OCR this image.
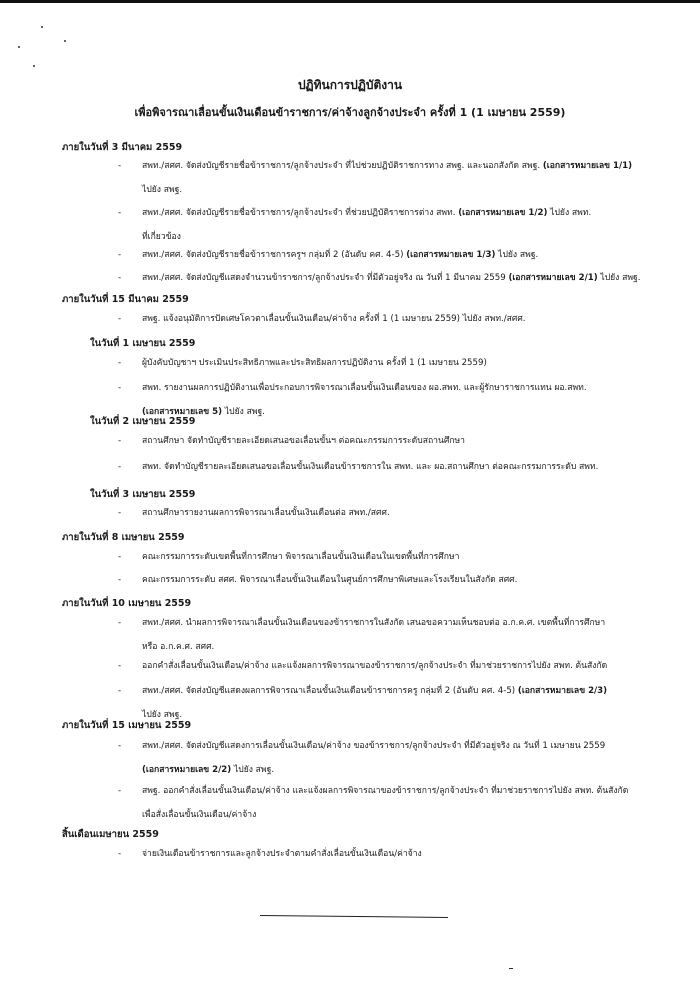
ปฏิทินการปฏิบัติงาน
เพื่อพิจารณาเลื่อนขั้นเงินเดือนข้าราชการ/ค่าจ้างลูกจ้างประจำ ครั้งที่ 1 (1 เมษายน 2559)
ภายในวันที่ 3 มีนาคม 2559
- สพท./สศศ. จัดส่งบัญชีรายชื่อข้าราชการ/ลูกจ้างประจำ ที่ไปช่วยปฏิบัติราชการทาง สพฐ. และนอกสังกัด สพฐ. (เอกสารหมายเลข 1/1)
ไปยัง สพฐ.
- สพท./สศศ. จัดส่งบัญชีรายชื่อข้าราชการ/ลูกจ้างประจำ ที่ช่วยปฏิบัติราชการต่าง สพท. (เอกสารหมายเลข 1/2) ไปยัง สพท.
ที่เกี่ยวข้อง
- สพท./สศศ. จัดส่งบัญชีรายชื่อข้าราชการครูฯ กลุ่มที่ 2 (อันดับ คศ. 4-5) (เอกสารหมายเลข 1/3) ไปยัง สพฐ.
- สพท./สศศ. จัดส่งบัญชีแสดงจำนวนข้าราชการ/ลูกจ้างประจำ ที่มีตัวอยู่จริง ณ วันที่ 1 มีนาคม 2559 (เอกสารหมายเลข 2/1) ไปยัง สพฐ.
ภายในวันที่ 15 มีนาคม 2559
- สพฐ. แจ้งอนุมัติการปัดเศษโควตาเลื่อนขั้นเงินเดือน/ค่าจ้าง ครั้งที่ 1 (1 เมษายน 2559) ไปยัง สพท./สศศ.
ในวันที่ 1 เมษายน 2559
- ผู้บังคับบัญชาฯ ประเมินประสิทธิภาพและประสิทธิผลการปฏิบัติงาน ครั้งที่ 1 (1 เมษายน 2559)
- สพท. รายงานผลการปฏิบัติงานเพื่อประกอบการพิจารณาเลื่อนขั้นเงินเดือนของ ผอ.สพท. และผู้รักษาราชการแทน ผอ.สพท.
(เอกสารหมายเลข 5) ไปยัง สพฐ.
ในวันที่ 2 เมษายน 2559
- สถานศึกษา จัดทำบัญชีรายละเอียดเสนอขอเลื่อนขั้นฯ ต่อคณะกรรมการระดับสถานศึกษา
- สพท. จัดทำบัญชีรายละเอียดเสนอขอเลื่อนขั้นเงินเดือนข้าราชการใน สพท. และ ผอ.สถานศึกษา ต่อคณะกรรมการระดับ สพท.
ในวันที่ 3 เมษายน 2559
- สถานศึกษารายงานผลการพิจารณาเลื่อนขั้นเงินเดือนต่อ สพท./สศศ.
ภายในวันที่ 8 เมษายน 2559
- คณะกรรมการระดับเขตพื้นที่การศึกษา พิจารณาเลื่อนขั้นเงินเดือนในเขตพื้นที่การศึกษา
- คณะกรรมการระดับ สศศ. พิจารณาเลื่อนขั้นเงินเดือนในศูนย์การศึกษาพิเศษและโรงเรียนในสังกัด สศศ.
ภายในวันที่ 10 เมษายน 2559
- สพท./สศศ. นำผลการพิจารณาเลื่อนขั้นเงินเดือนของข้าราชการในสังกัด เสนอขอความเห็นชอบต่อ อ.ก.ค.ศ. เขตพื้นที่การศึกษา
หรือ อ.ก.ค.ศ. สศศ.
- ออกคำสั่งเลื่อนขั้นเงินเดือน/ค่าจ้าง และแจ้งผลการพิจารณาของข้าราชการ/ลูกจ้างประจำ ที่มาช่วยราชการไปยัง สพท. ต้นสังกัด
- สพท./สศศ. จัดส่งบัญชีแสดงผลการพิจารณาเลื่อนขั้นเงินเดือนข้าราชการครู กลุ่มที่ 2 (อันดับ คศ. 4-5) (เอกสารหมายเลข 2/3)
ไปยัง สพฐ.
ภายในวันที่ 15 เมษายน 2559
- สพท./สศศ. จัดส่งบัญชีแสดงการเลื่อนขั้นเงินเดือน/ค่าจ้าง ของข้าราชการ/ลูกจ้างประจำ ที่มีตัวอยู่จริง ณ วันที่ 1 เมษายน 2559
(เอกสารหมายเลข 2/2) ไปยัง สพฐ.
- สพฐ. ออกคำสั่งเลื่อนขั้นเงินเดือน/ค่าจ้าง และแจ้งผลการพิจารณาของข้าราชการ/ลูกจ้างประจำ ที่มาช่วยราชการไปยัง สพท. ต้นสังกัด
เพื่อสั่งเลื่อนขั้นเงินเดือน/ค่าจ้าง
สิ้นเดือนเมษายน 2559
- จ่ายเงินเดือนข้าราชการและลูกจ้างประจำตามคำสั่งเลื่อนขั้นเงินเดือน/ค่าจ้าง
